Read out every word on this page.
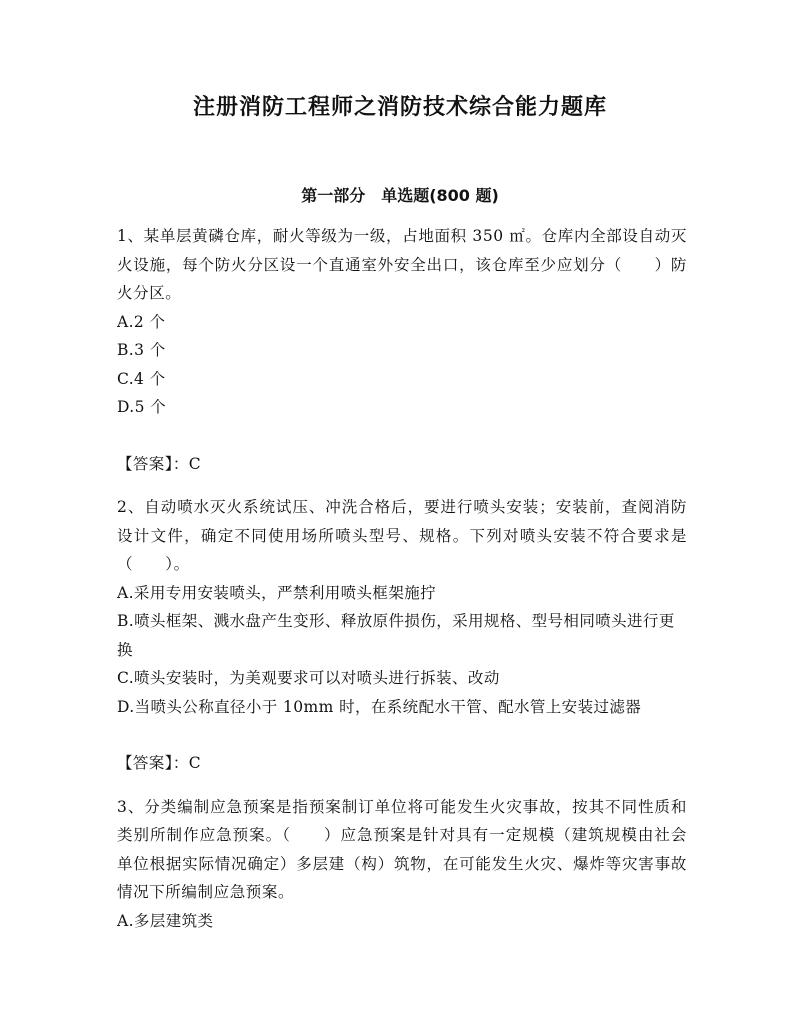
注册消防工程师之消防技术综合能力题库
第一部分　单选题(800 题)

1、某单层黄磷仓库，耐火等级为一级，占地面积 350 ㎡。仓库内全部设自动灭火设施，每个防火分区设一个直通室外安全出口，该仓库至少应划分（　　）防火分区。

A.2 个

B.3 个

C.4 个

D.5 个

【答案】：C

2、自动喷水灭火系统试压、冲洗合格后，要进行喷头安装；安装前，查阅消防设计文件，确定不同使用场所喷头型号、规格。下列对喷头安装不符合要求是（　　）。

A.采用专用安装喷头，严禁利用喷头框架施拧

B.喷头框架、溅水盘产生变形、释放原件损伤，采用规格、型号相同喷头进行更换

C.喷头安装时，为美观要求可以对喷头进行拆装、改动

D.当喷头公称直径小于 10mm 时，在系统配水干管、配水管上安装过滤器

【答案】：C

3、分类编制应急预案是指预案制订单位将可能发生火灾事故，按其不同性质和类别所制作应急预案。（　　）应急预案是针对具有一定规模（建筑规模由社会单位根据实际情况确定）多层建（构）筑物，在可能发生火灾、爆炸等灾害事故情况下所编制应急预案。

A.多层建筑类
